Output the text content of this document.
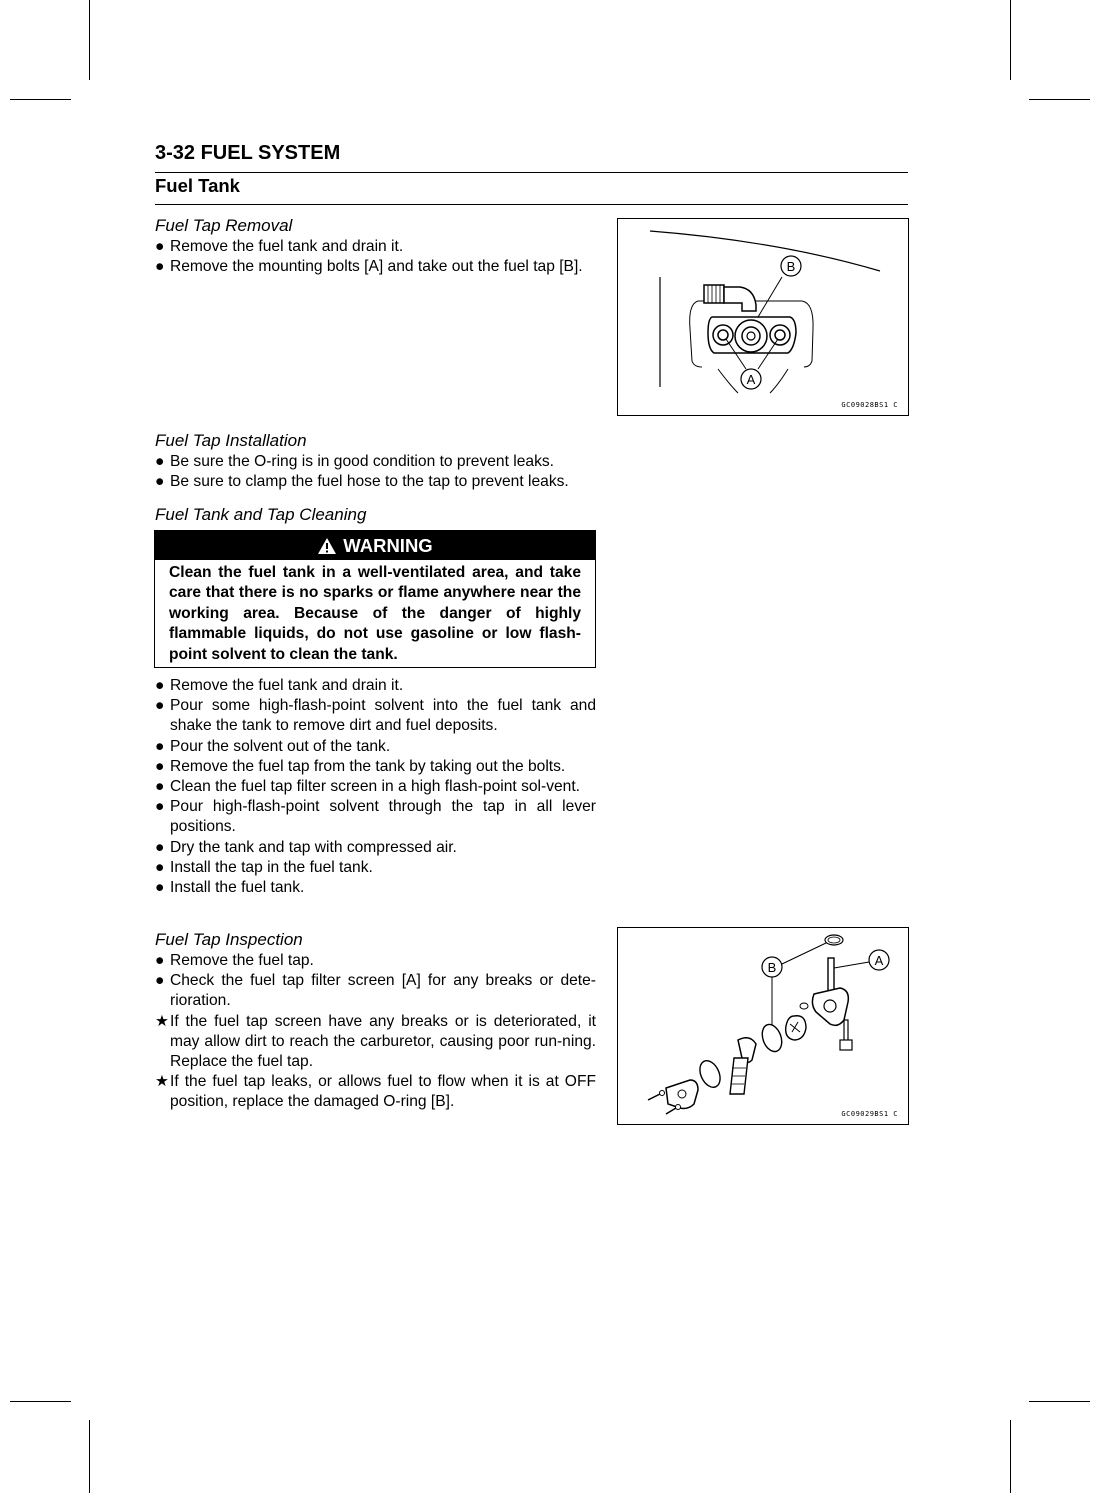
3-32 FUEL SYSTEM
Fuel Tank
Fuel Tap Removal
● Remove the fuel tank and drain it.
● Remove the mounting bolts [A] and take out the fuel tap [B].	B
A
GC09028BS1 C
Fuel Tap Installation
● Be sure the O-ring is in good condition to prevent leaks.
● Be sure to clamp the fuel hose to the tap to prevent leaks.
Fuel Tank and Tap Cleaning
WARNING
Clean the fuel tank in a well-ventilated area, and take care that there is no sparks or flame anywhere near the working area. Because of the danger of highly flammable liquids, do not use gasoline or low flash-point solvent to clean the tank.
● Remove the fuel tank and drain it.
● Pour some high-flash-point solvent into the fuel tank and shake the tank to remove dirt and fuel deposits.
● Pour the solvent out of the tank.
● Remove the fuel tap from the tank by taking out the bolts.
● Clean the fuel tap filter screen in a high flash-point sol-vent.
● Pour high-flash-point solvent through the tap in all lever positions.
● Dry the tank and tap with compressed air.
● Install the tap in the fuel tank.
● Install the fuel tank.
Fuel Tap Inspection
● Remove the fuel tap.
● Check the fuel tap filter screen [A] for any breaks or dete-rioration.
★ If the fuel tap screen have any breaks or is deteriorated, it may allow dirt to reach the carburetor, causing poor run-ning. Replace the fuel tap.
★ If the fuel tap leaks, or allows fuel to flow when it is at OFF position, replace the damaged O-ring [B].
B	A
GC09029BS1 C
